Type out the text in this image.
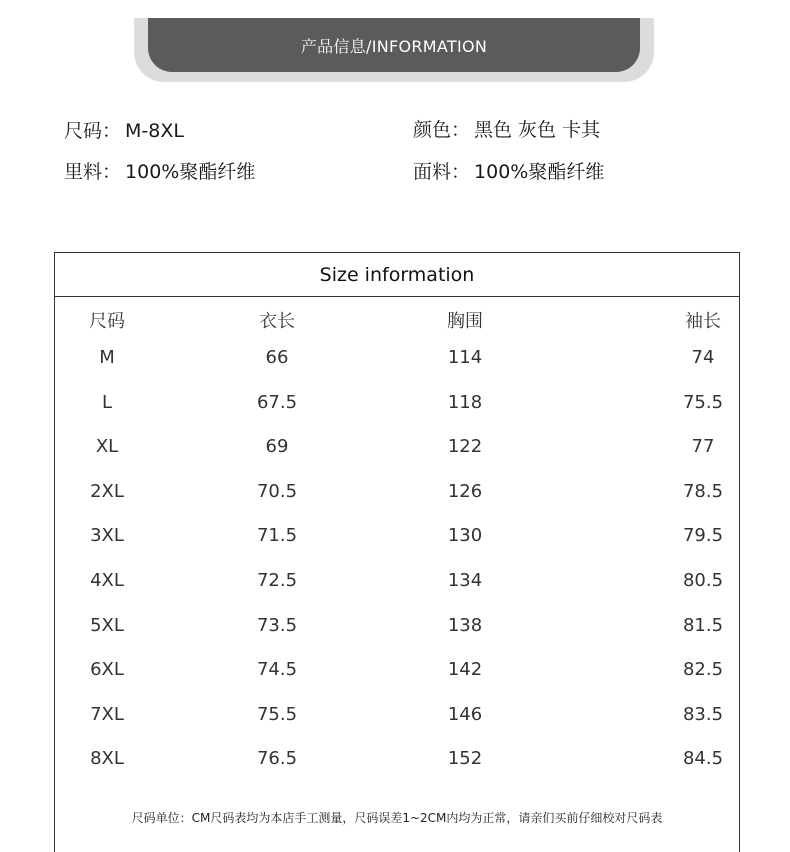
产品信息/INFORMATION
尺码： M-8XL	颜色： 黑色 灰色 卡其
里料： 100%聚酯纤维	面料： 100%聚酯纤维
Size information
尺码单位：CM尺码表均为本店手工测量，尺码误差1~2CM内均为正常，请亲们买前仔细校对尺码表
尺码	衣长	胸围	袖长
M	66	114	74
L	67.5	118	75.5
XL	69	122	77
2XL	70.5	126	78.5
3XL	71.5	130	79.5
4XL	72.5	134	80.5
5XL	73.5	138	81.5
6XL	74.5	142	82.5
7XL	75.5	146	83.5
8XL	76.5	152	84.5
